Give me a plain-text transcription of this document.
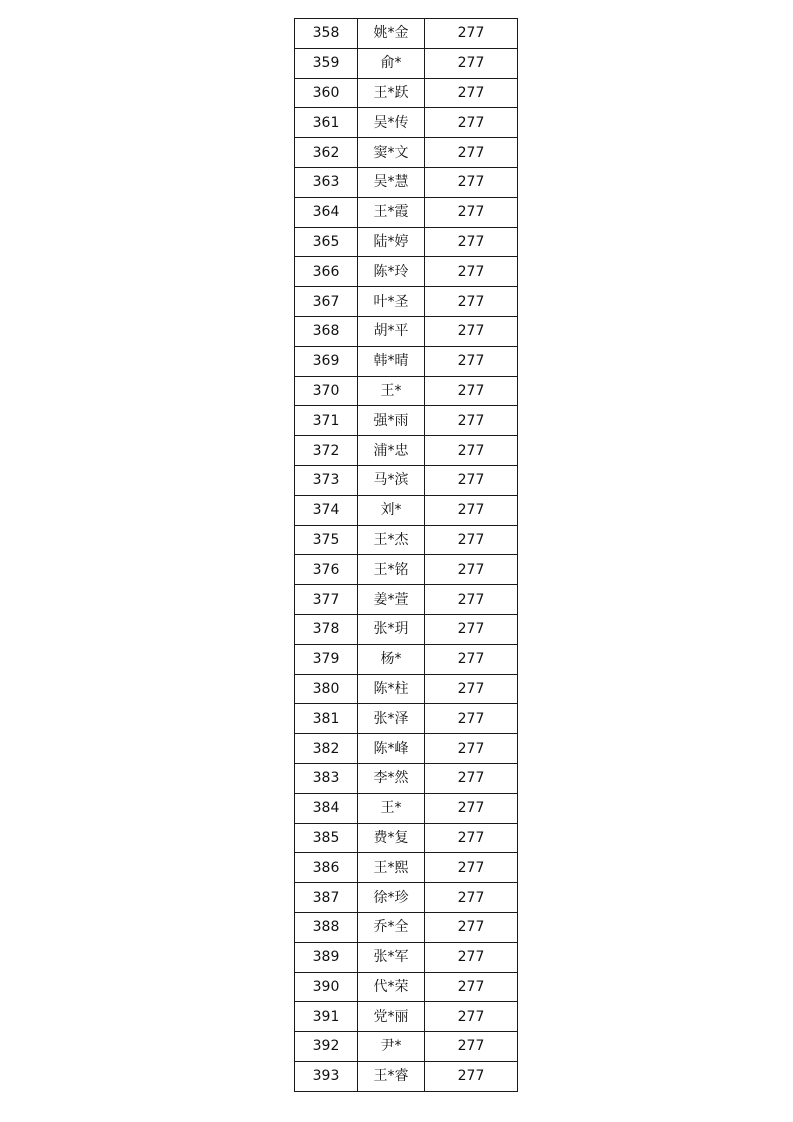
358	姚*金	277
359	俞*	277
360	王*跃	277
361	吴*传	277
362	窦*文	277
363	吴*慧	277
364	王*霞	277
365	陆*婷	277
366	陈*玲	277
367	叶*圣	277
368	胡*平	277
369	韩*晴	277
370	王*	277
371	强*雨	277
372	浦*忠	277
373	马*滨	277
374	刘*	277
375	王*杰	277
376	王*铭	277
377	姜*萱	277
378	张*玥	277
379	杨*	277
380	陈*柱	277
381	张*泽	277
382	陈*峰	277
383	李*然	277
384	王*	277
385	费*复	277
386	王*熙	277
387	徐*珍	277
388	乔*全	277
389	张*军	277
390	代*荣	277
391	党*丽	277
392	尹*	277
393	王*睿	277
